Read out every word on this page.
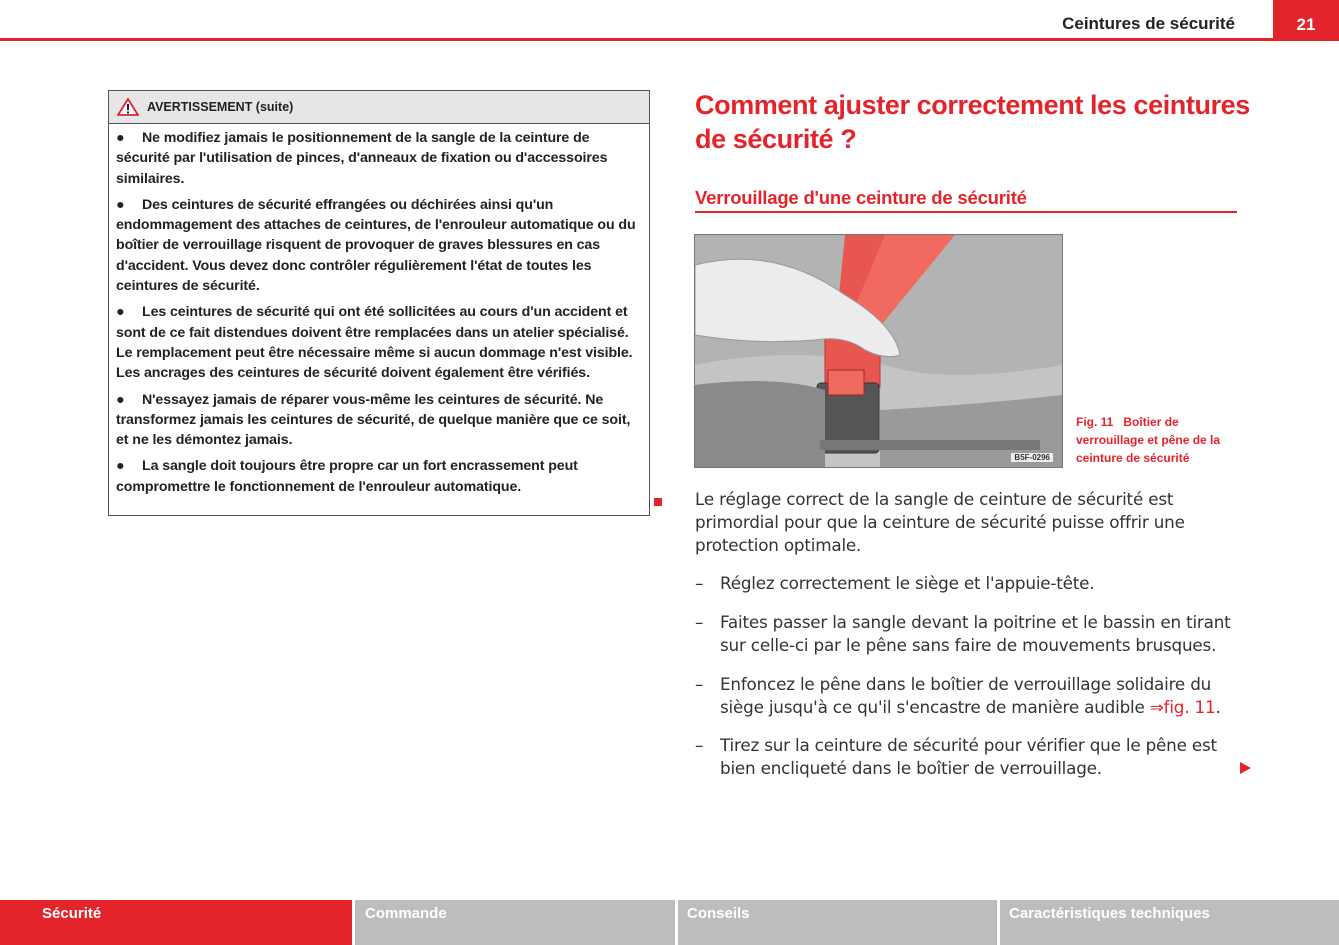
Ceintures de sécurité	21
AVERTISSEMENT (suite)

● Ne modifiez jamais le positionnement de la sangle de la ceinture de sécurité par l'utilisation de pinces, d'anneaux de fixation ou d'accessoires similaires.

● Des ceintures de sécurité effrangées ou déchirées ainsi qu'un endommagement des attaches de ceintures, de l'enrouleur automatique ou du boîtier de verrouillage risquent de provoquer de graves blessures en cas d'accident. Vous devez donc contrôler régulièrement l'état de toutes les ceintures de sécurité.

● Les ceintures de sécurité qui ont été sollicitées au cours d'un accident et sont de ce fait distendues doivent être remplacées dans un atelier spécialisé. Le remplacement peut être nécessaire même si aucun dommage n'est visible. Les ancrages des ceintures de sécurité doivent également être vérifiés.

● N'essayez jamais de réparer vous-même les ceintures de sécurité. Ne transformez jamais les ceintures de sécurité, de quelque manière que ce soit, et ne les démontez jamais.

● La sangle doit toujours être propre car un fort encrassement peut compromettre le fonctionnement de l'enrouleur automatique.

Comment ajuster correctement les ceintures de sécurité ?
Verrouillage d'une ceinture de sécurité
B5F-0296
Fig. 11 Boîtier de verrouillage et pêne de la ceinture de sécurité
Le réglage correct de la sangle de ceinture de sécurité est primordial pour que la ceinture de sécurité puisse offrir une protection optimale.
– Réglez correctement le siège et l'appuie-tête.
– Faites passer la sangle devant la poitrine et le bassin en tirant sur celle-ci par le pêne sans faire de mouvements brusques.
– Enfoncez le pêne dans le boîtier de verrouillage solidaire du siège jusqu'à ce qu'il s'encastre de manière audible ⇒fig. 11.
– Tirez sur la ceinture de sécurité pour vérifier que le pêne est bien encliqueté dans le boîtier de verrouillage.
Sécurité	Commande	Conseils	Caractéristiques techniques
